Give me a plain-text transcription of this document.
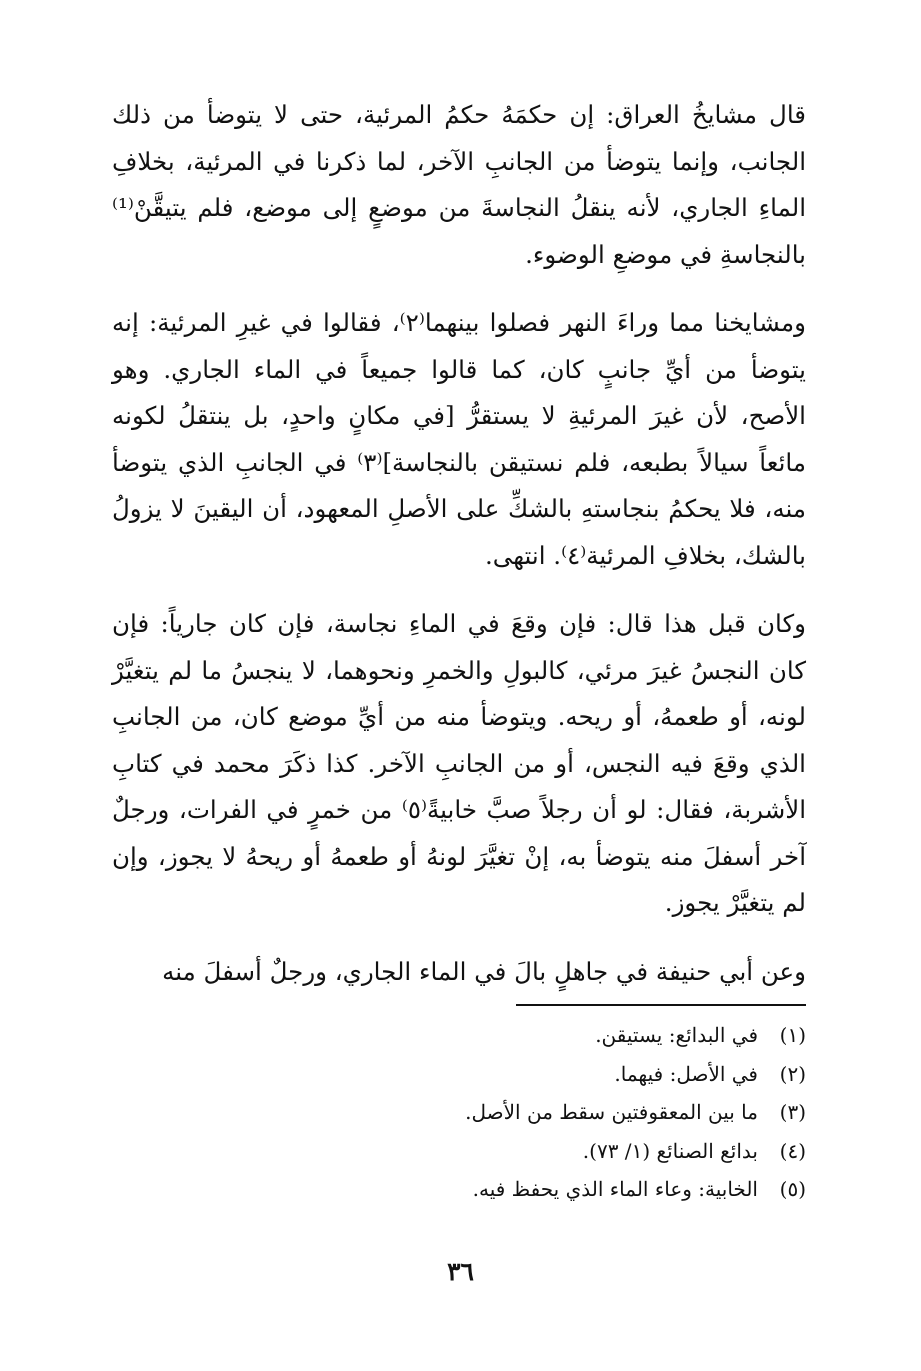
قال مشايخُ العراق: إن حكمَهُ حكمُ المرئية، حتى لا يتوضأ من ذلك الجانب، وإنما يتوضأ من الجانبِ الآخر، لما ذكرنا في المرئية، بخلافِ الماءِ الجاري، لأنه ينقلُ النجاسةَ من موضعٍ إلى موضع، فلم يتيقَّنْ⁽¹⁾ بالنجاسةِ في موضعِ الوضوء.

ومشايخنا مما وراءَ النهر فصلوا بينهما⁽٢⁾، فقالوا في غيرِ المرئية: إنه يتوضأ من أيِّ جانبٍ كان، كما قالوا جميعاً في الماء الجاري. وهو الأصح، لأن غيرَ المرئيةِ لا يستقرُّ [في مكانٍ واحدٍ، بل ينتقلُ لكونه مائعاً سيالاً بطبعه، فلم نستيقن بالنجاسة]⁽٣⁾ في الجانبِ الذي يتوضأ منه، فلا يحكمُ بنجاستهِ بالشكِّ على الأصلِ المعهود، أن اليقينَ لا يزولُ بالشك، بخلافِ المرئية⁽٤⁾. انتهى.

وكان قبل هذا قال: فإن وقعَ في الماءِ نجاسة، فإن كان جارياً: فإن كان النجسُ غيرَ مرئي، كالبولِ والخمرِ ونحوهما، لا ينجسُ ما لم يتغيَّرْ لونه، أو طعمهُ، أو ريحه. ويتوضأ منه من أيِّ موضع كان، من الجانبِ الذي وقعَ فيه النجس، أو من الجانبِ الآخر. كذا ذكَرَ محمد في كتابِ الأشربة، فقال: لو أن رجلاً صبَّ خابيةً⁽٥⁾ من خمرٍ في الفرات، ورجلٌ آخر أسفلَ منه يتوضأ به، إنْ تغيَّرَ لونهُ أو طعمهُ أو ريحهُ لا يجوز، وإن لم يتغيَّرْ يجوز.

وعن أبي حنيفة في جاهلٍ بالَ في الماء الجاري، ورجلٌ أسفلَ منه

(١)في البدائع: يستيقن.
(٢)في الأصل: فيهما.
(٣)ما بين المعقوفتين سقط من الأصل.
(٤)بدائع الصنائع (١/ ٧٣).
(٥)الخابية: وعاء الماء الذي يحفظ فيه.
٣٦
